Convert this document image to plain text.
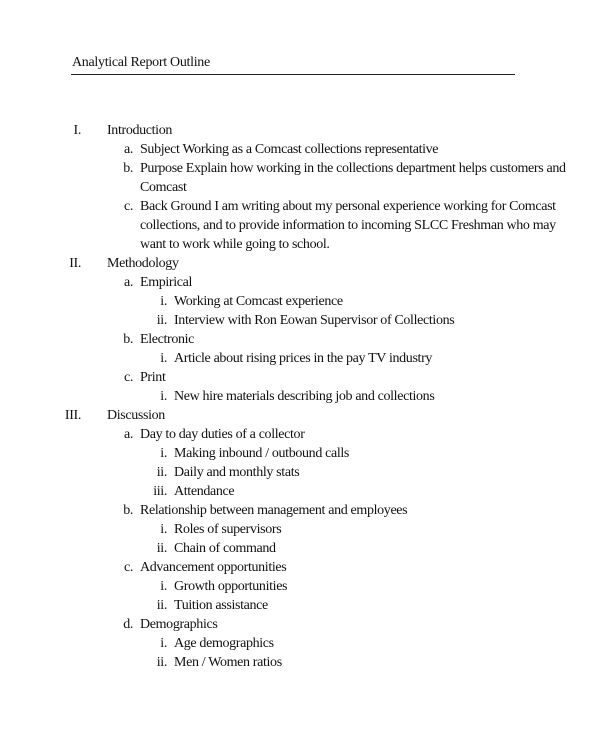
Analytical Report Outline
I. Introduction
a. Subject Working as a Comcast collections representative
b. Purpose Explain how working in the collections department helps customers and
Comcast
c. Back Ground I am writing about my personal experience working for Comcast
collections, and to provide information to incoming SLCC Freshman who may
want to work while going to school.
II. Methodology
a. Empirical
i. Working at Comcast experience
ii. Interview with Ron Eowan Supervisor of Collections
b. Electronic
i. Article about rising prices in the pay TV industry
c. Print
i. New hire materials describing job and collections
III. Discussion
a. Day to day duties of a collector
i. Making inbound / outbound calls
ii. Daily and monthly stats
iii. Attendance
b. Relationship between management and employees
i. Roles of supervisors
ii. Chain of command
c. Advancement opportunities
i. Growth opportunities
ii. Tuition assistance
d. Demographics
i. Age demographics
ii. Men / Women ratios
